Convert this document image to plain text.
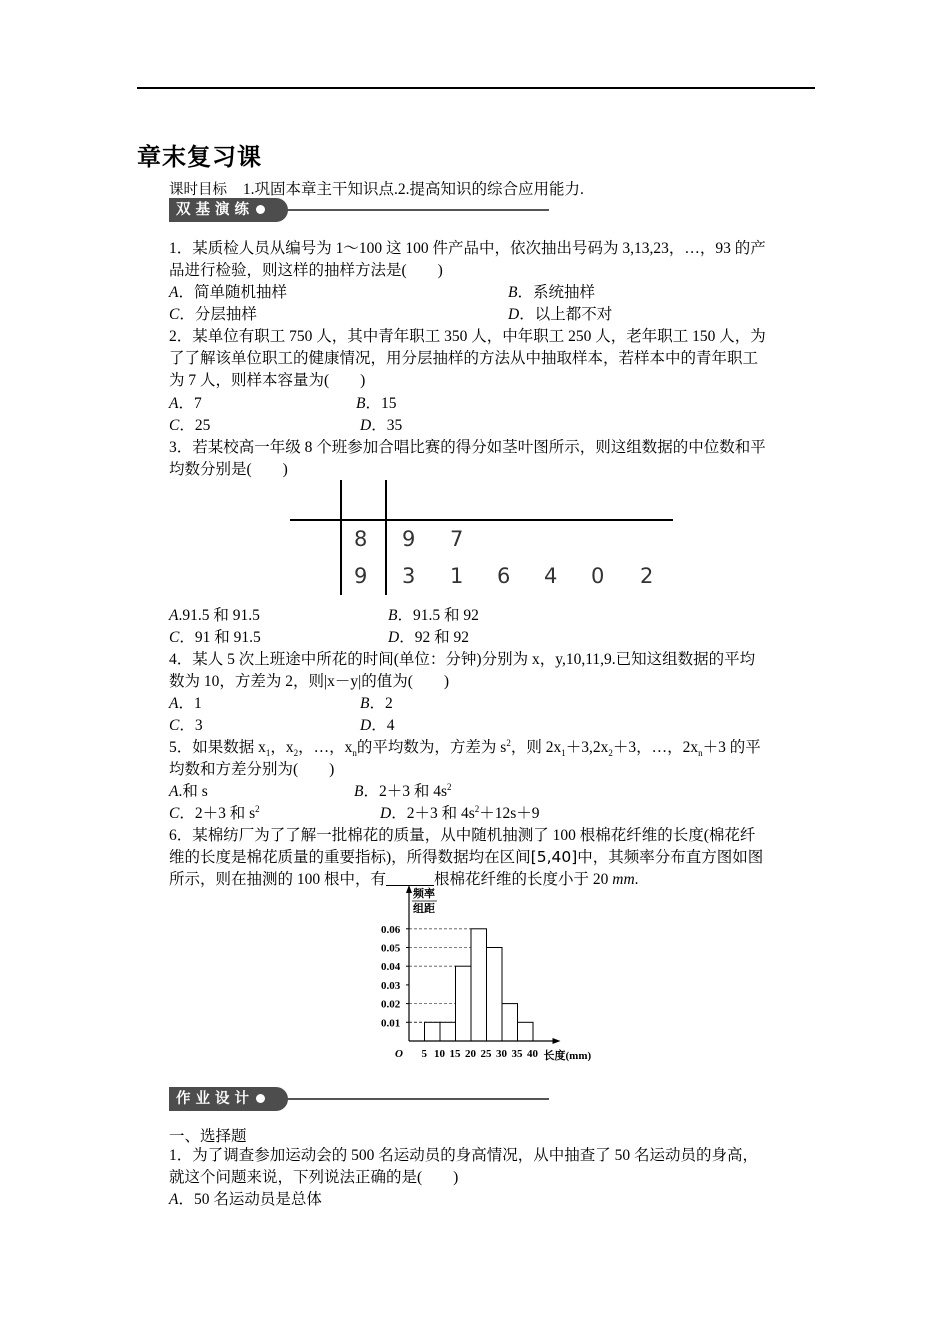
章末复习课
课时目标 1.巩固本章主干知识点.2.提高知识的综合应用能力.
双基演练
1．某质检人员从编号为 1～100 这 100 件产品中，依次抽出号码为 3,13,23，…，93 的产
品进行检验，则这样的抽样方法是(　　)
A．简单随机抽样	B．系统抽样
C．分层抽样	D．以上都不对
2．某单位有职工 750 人，其中青年职工 350 人，中年职工 250 人，老年职工 150 人，为
了了解该单位职工的健康情况，用分层抽样的方法从中抽取样本，若样本中的青年职工
为 7 人，则样本容量为(　　)
A．7	B．15
C．25	D．35
3．若某校高一年级 8 个班参加合唱比赛的得分如茎叶图所示，则这组数据的中位数和平
均数分别是(　　)
8 9 7
9 3 1 6 4 0 2
A.91.5 和 91.5	B．91.5 和 92
C．91 和 91.5	D．92 和 92
4．某人 5 次上班途中所花的时间(单位：分钟)分别为 x，y,10,11,9.已知这组数据的平均
数为 10，方差为 2，则|x－y|的值为(　　)
A．1	B．2
C．3	D．4
5．如果数据 $x_1$，$x_2$，…，$x_n$的平均数为，方差为 $s^2$，则 $2x_1+3,2x_2+3$，…，$2x_n+3$ 的平
均数和方差分别为(　　)
A.和 s	B．2＋3 和 $4s^2$
C．2＋3 和 $s^2$	D．2＋3 和 $4s^2+12s+9$
6．某棉纺厂为了了解一批棉花的质量，从中随机抽测了 100 根棉花纤维的长度(棉花纤
维的长度是棉花质量的重要指标)，所得数据均在区间[5,40]中，其频率分布直方图如图
所示，则在抽测的 100 根中，有	根棉花纤维的长度小于 20 mm.
0.01
0.02
0.03
0.04
0.05
0.06
5 10 15 20 25 30 35 40
O
频率
组距
长度(mm)
作业设计
一、选择题
1．为了调查参加运动会的 500 名运动员的身高情况，从中抽查了 50 名运动员的身高，
就这个问题来说，下列说法正确的是(　　)
A．50 名运动员是总体
